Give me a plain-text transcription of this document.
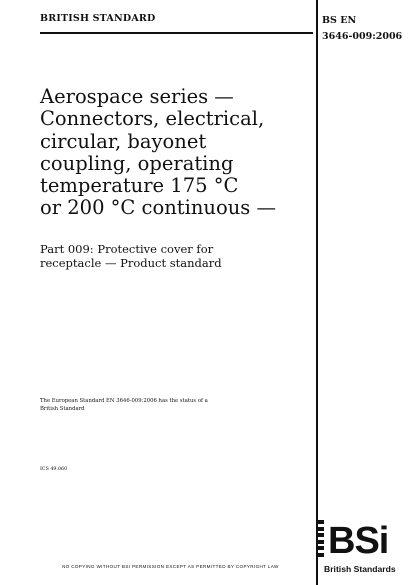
BRITISH STANDARD	BS EN
3646-009:2006
Aerospace series —
Connectors, electrical,
circular, bayonet
coupling, operating
temperature 175 °C
or 200 °C continuous —
Part 009: Protective cover for
receptacle — Product standard
The European Standard EN 3646-009:2006 has the status of a
British Standard
ICS 49.060
NO COPYING WITHOUT BSI PERMISSION EXCEPT AS PERMITTED BY COPYRIGHT LAW
BSi
British Standards
